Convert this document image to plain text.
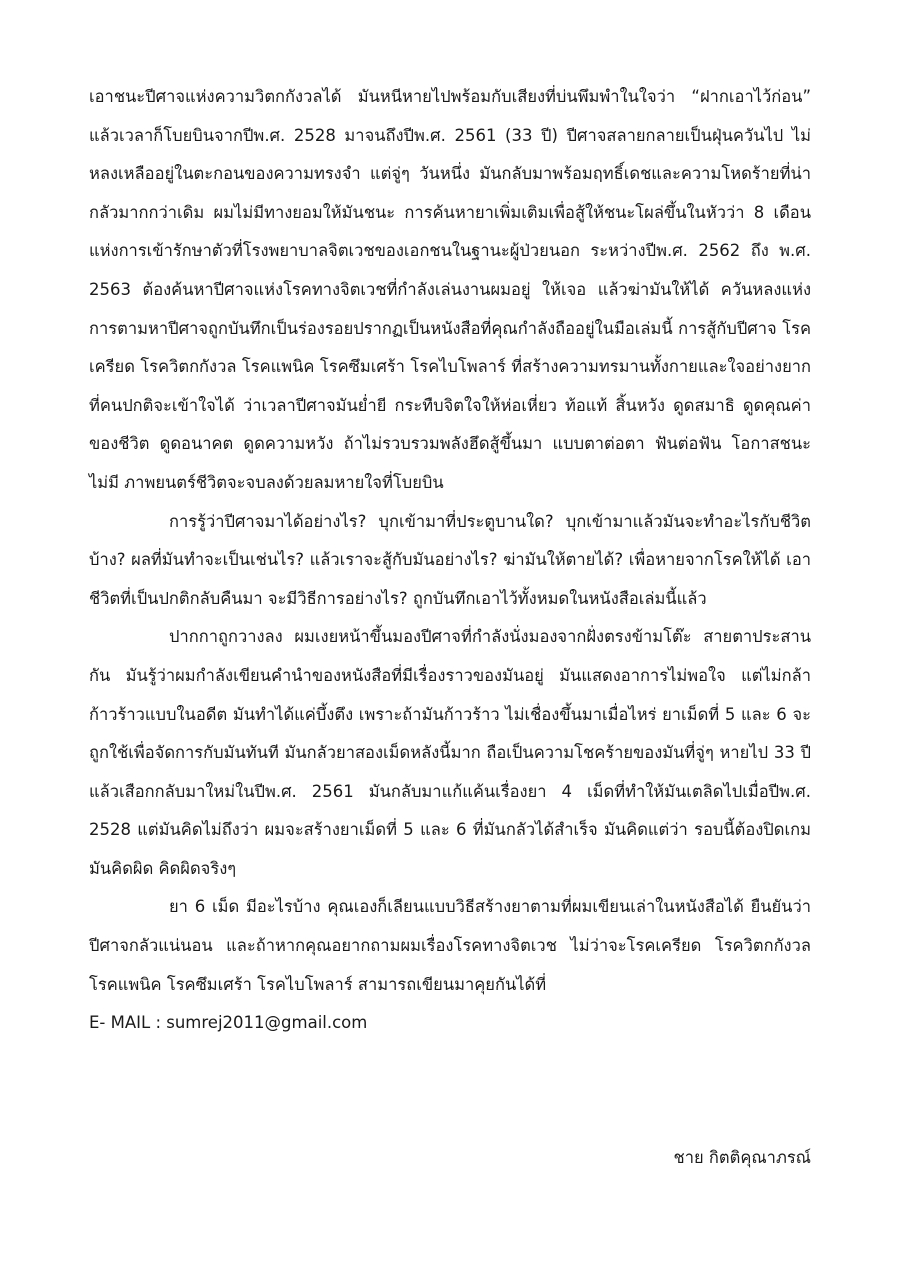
เอาชนะปีศาจแห่งความวิตกกังวลได้ มันหนีหายไปพร้อมกับเสียงที่บ่นพึมพำในใจว่า “ฝากเอาไว้ก่อน” แล้วเวลาก็โบยบินจากปีพ.ศ. 2528 มาจนถึงปีพ.ศ. 2561 (33 ปี) ปีศาจสลายกลายเป็นฝุ่นควันไป ไม่หลงเหลืออยู่ในตะกอนของความทรงจำ แต่จู่ๆ วันหนึ่ง มันกลับมาพร้อมฤทธิ์เดชและความโหดร้ายที่น่ากลัวมากกว่าเดิม ผมไม่มีทางยอมให้มันชนะ การค้นหายาเพิ่มเติมเพื่อสู้ให้ชนะโผล่ขึ้นในหัวว่า 8 เดือนแห่งการเข้ารักษาตัวที่โรงพยาบาลจิตเวชของเอกชนในฐานะผู้ป่วยนอก ระหว่างปีพ.ศ. 2562 ถึง พ.ศ. 2563 ต้องค้นหาปีศาจแห่งโรคทางจิตเวชที่กำลังเล่นงานผมอยู่ ให้เจอ แล้วฆ่ามันให้ได้ ควันหลงแห่งการตามหาปีศาจถูกบันทึกเป็นร่องรอยปรากฏเป็นหนังสือที่คุณกำลังถืออยู่ในมือเล่มนี้ การสู้กับปีศาจ โรคเครียด โรควิตกกังวล โรคแพนิค โรคซึมเศร้า โรคไบโพลาร์ ที่สร้างความทรมานทั้งกายและใจอย่างยากที่คนปกติจะเข้าใจได้ ว่าเวลาปีศาจมันย่ำยี กระทืบจิตใจให้ห่อเหี่ยว ท้อแท้ สิ้นหวัง ดูดสมาธิ ดูดคุณค่าของชีวิต ดูดอนาคต ดูดความหวัง ถ้าไม่รวบรวมพลังฮึดสู้ขึ้นมา แบบตาต่อตา ฟันต่อฟัน โอกาสชนะไม่มี ภาพยนตร์ชีวิตจะจบลงด้วยลมหายใจที่โบยบิน

การรู้ว่าปีศาจมาได้อย่างไร? บุกเข้ามาที่ประตูบานใด? บุกเข้ามาแล้วมันจะทำอะไรกับชีวิตบ้าง? ผลที่มันทำจะเป็นเช่นไร? แล้วเราจะสู้กับมันอย่างไร? ฆ่ามันให้ตายได้? เพื่อหายจากโรคให้ได้ เอาชีวิตที่เป็นปกติกลับคืนมา จะมีวิธีการอย่างไร? ถูกบันทึกเอาไว้ทั้งหมดในหนังสือเล่มนี้แล้ว

ปากกาถูกวางลง ผมเงยหน้าขึ้นมองปีศาจที่กำลังนั่งมองจากฝั่งตรงข้ามโต๊ะ สายตาประสานกัน มันรู้ว่าผมกำลังเขียนคำนำของหนังสือที่มีเรื่องราวของมันอยู่ มันแสดงอาการไม่พอใจ แต่ไม่กล้าก้าวร้าวแบบในอดีต มันทำได้แค่บึ้งตึง เพราะถ้ามันก้าวร้าว ไม่เชื่องขึ้นมาเมื่อไหร่ ยาเม็ดที่ 5 และ 6 จะถูกใช้เพื่อจัดการกับมันทันที มันกลัวยาสองเม็ดหลังนี้มาก ถือเป็นความโชคร้ายของมันที่จู่ๆ หายไป 33 ปี แล้วเสือกกลับมาใหม่ในปีพ.ศ. 2561 มันกลับมาแก้แค้นเรื่องยา 4 เม็ดที่ทำให้มันเตลิดไปเมื่อปีพ.ศ. 2528 แต่มันคิดไม่ถึงว่า ผมจะสร้างยาเม็ดที่ 5 และ 6 ที่มันกลัวได้สำเร็จ มันคิดแต่ว่า รอบนี้ต้องปิดเกม มันคิดผิด คิดผิดจริงๆ

ยา 6 เม็ด มีอะไรบ้าง คุณเองก็เลียนแบบวิธีสร้างยาตามที่ผมเขียนเล่าในหนังสือได้ ยืนยันว่าปีศาจกลัวแน่นอน และถ้าหากคุณอยากถามผมเรื่องโรคทางจิตเวช ไม่ว่าจะโรคเครียด โรควิตกกังวล โรคแพนิค โรคซึมเศร้า โรคไบโพลาร์ สามารถเขียนมาคุยกันได้ที่

E- MAIL : sumrej2011@gmail.com

ชาย กิตติคุณาภรณ์
